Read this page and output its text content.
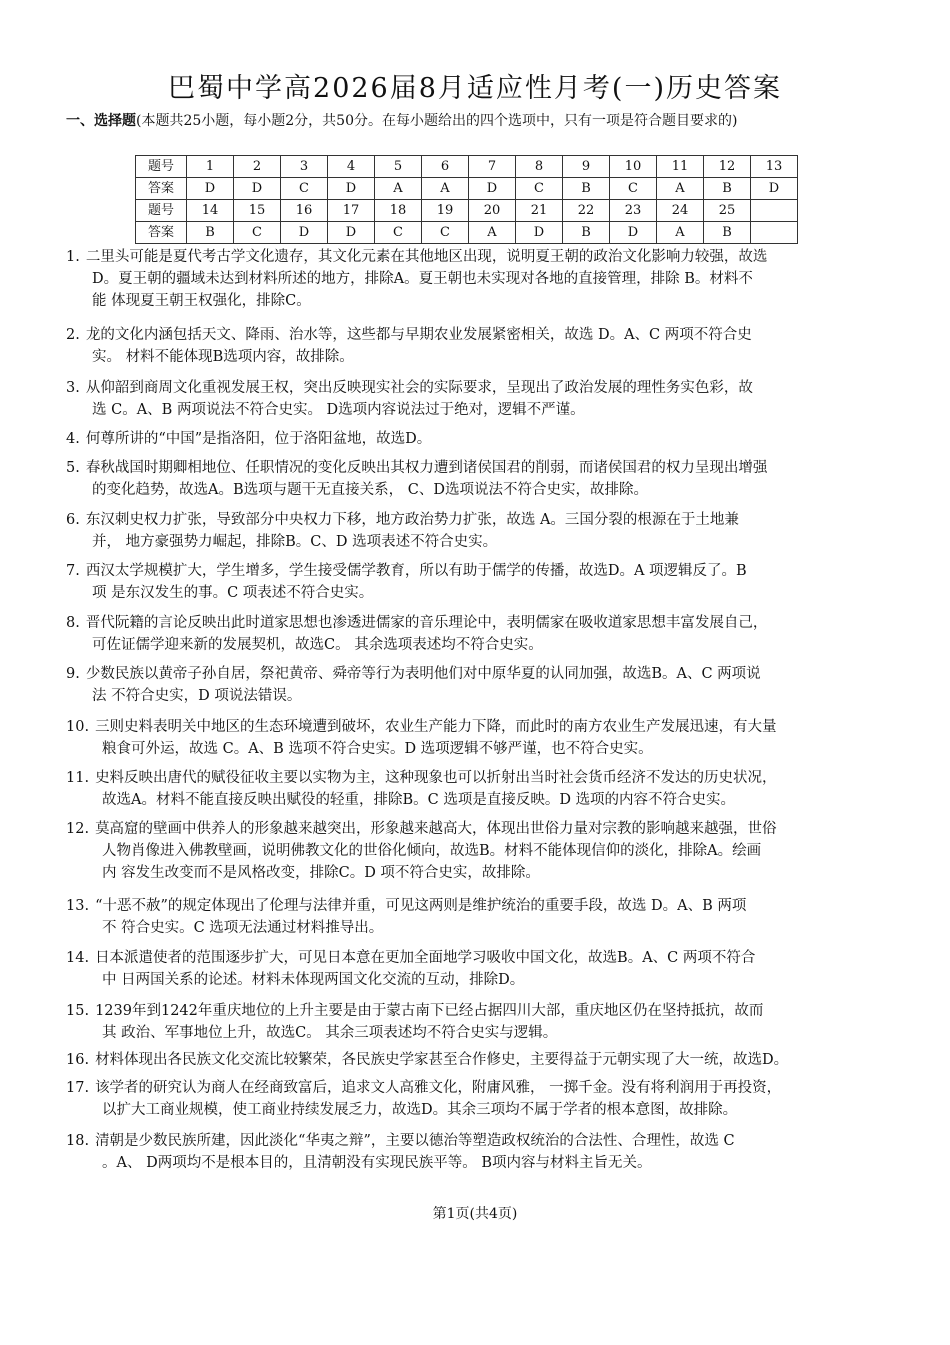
巴蜀中学高2026届8月适应性月考(一)历史答案
一、选择题(本题共25小题，每小题2分，共50分。在每小题给出的四个选项中，只有一项是符合题目要求的)
题号	1	2	3	4	5	6	7	8	9	10	11	12	13
答案	D	D	C	D	A	A	D	C	B	C	A	B	D
题号	14	15	16	17	18	19	20	21	22	23	24	25	
答案	B	C	D	D	C	C	A	D	B	D	A	B	
1. 二里头可能是夏代考古学文化遗存，其文化元素在其他地区出现，说明夏王朝的政治文化影响力较强，故选
D。夏王朝的疆域未达到材料所述的地方，排除A。夏王朝也未实现对各地的直接管理，排除 B。材料不
能 体现夏王朝王权强化，排除C。
2. 龙的文化内涵包括天文、降雨、治水等，这些都与早期农业发展紧密相关，故选 D。A、C 两项不符合史
实。 材料不能体现B选项内容，故排除。
3. 从仰韶到商周文化重视发展王权，突出反映现实社会的实际要求，呈现出了政治发展的理性务实色彩，故
选 C。A、B 两项说法不符合史实。 D选项内容说法过于绝对，逻辑不严谨。
4. 何尊所讲的“中国”是指洛阳，位于洛阳盆地，故选D。
5. 春秋战国时期卿相地位、任职情况的变化反映出其权力遭到诸侯国君的削弱，而诸侯国君的权力呈现出增强
的变化趋势，故选A。B选项与题干无直接关系， C、D选项说法不符合史实，故排除。
6. 东汉刺史权力扩张，导致部分中央权力下移，地方政治势力扩张，故选 A。三国分裂的根源在于土地兼
并， 地方豪强势力崛起，排除B。C、D 选项表述不符合史实。
7. 西汉太学规模扩大，学生增多，学生接受儒学教育，所以有助于儒学的传播，故选D。A 项逻辑反了。B
项 是东汉发生的事。C 项表述不符合史实。
8. 晋代阮籍的言论反映出此时道家思想也渗透进儒家的音乐理论中，表明儒家在吸收道家思想丰富发展自己，
可佐证儒学迎来新的发展契机，故选C。 其余选项表述均不符合史实。
9. 少数民族以黄帝子孙自居，祭祀黄帝、舜帝等行为表明他们对中原华夏的认同加强，故选B。A、C 两项说
法 不符合史实，D 项说法错误。
10. 三则史料表明关中地区的生态环境遭到破坏，农业生产能力下降，而此时的南方农业生产发展迅速，有大量
粮食可外运，故选 C。A、B 选项不符合史实。D 选项逻辑不够严谨，也不符合史实。
11. 史料反映出唐代的赋役征收主要以实物为主，这种现象也可以折射出当时社会货币经济不发达的历史状况，
故选A。材料不能直接反映出赋役的轻重，排除B。C 选项是直接反映。D 选项的内容不符合史实。
12. 莫高窟的壁画中供养人的形象越来越突出，形象越来越高大，体现出世俗力量对宗教的影响越来越强，世俗
人物肖像进入佛教壁画，说明佛教文化的世俗化倾向，故选B。材料不能体现信仰的淡化，排除A。绘画
内 容发生改变而不是风格改变，排除C。D 项不符合史实，故排除。
13. “十恶不赦”的规定体现出了伦理与法律并重，可见这两则是维护统治的重要手段，故选 D。A、B 两项
不 符合史实。C 选项无法通过材料推导出。
14. 日本派遣使者的范围逐步扩大，可见日本意在更加全面地学习吸收中国文化，故选B。A、C 两项不符合
中 日两国关系的论述。材料未体现两国文化交流的互动，排除D。
15. 1239年到1242年重庆地位的上升主要是由于蒙古南下已经占据四川大部，重庆地区仍在坚持抵抗，故而
其 政治、军事地位上升，故选C。 其余三项表述均不符合史实与逻辑。
16. 材料体现出各民族文化交流比较繁荣，各民族史学家甚至合作修史，主要得益于元朝实现了大一统，故选D。
17. 该学者的研究认为商人在经商致富后，追求文人高雅文化，附庸风雅， 一掷千金。没有将利润用于再投资，
以扩大工商业规模，使工商业持续发展乏力，故选D。其余三项均不属于学者的根本意图，故排除。
18. 清朝是少数民族所建，因此淡化“华夷之辩”，主要以德治等塑造政权统治的合法性、合理性，故选 C
。A、 D两项均不是根本目的，且清朝没有实现民族平等。 B项内容与材料主旨无关。
第1页(共4页)
